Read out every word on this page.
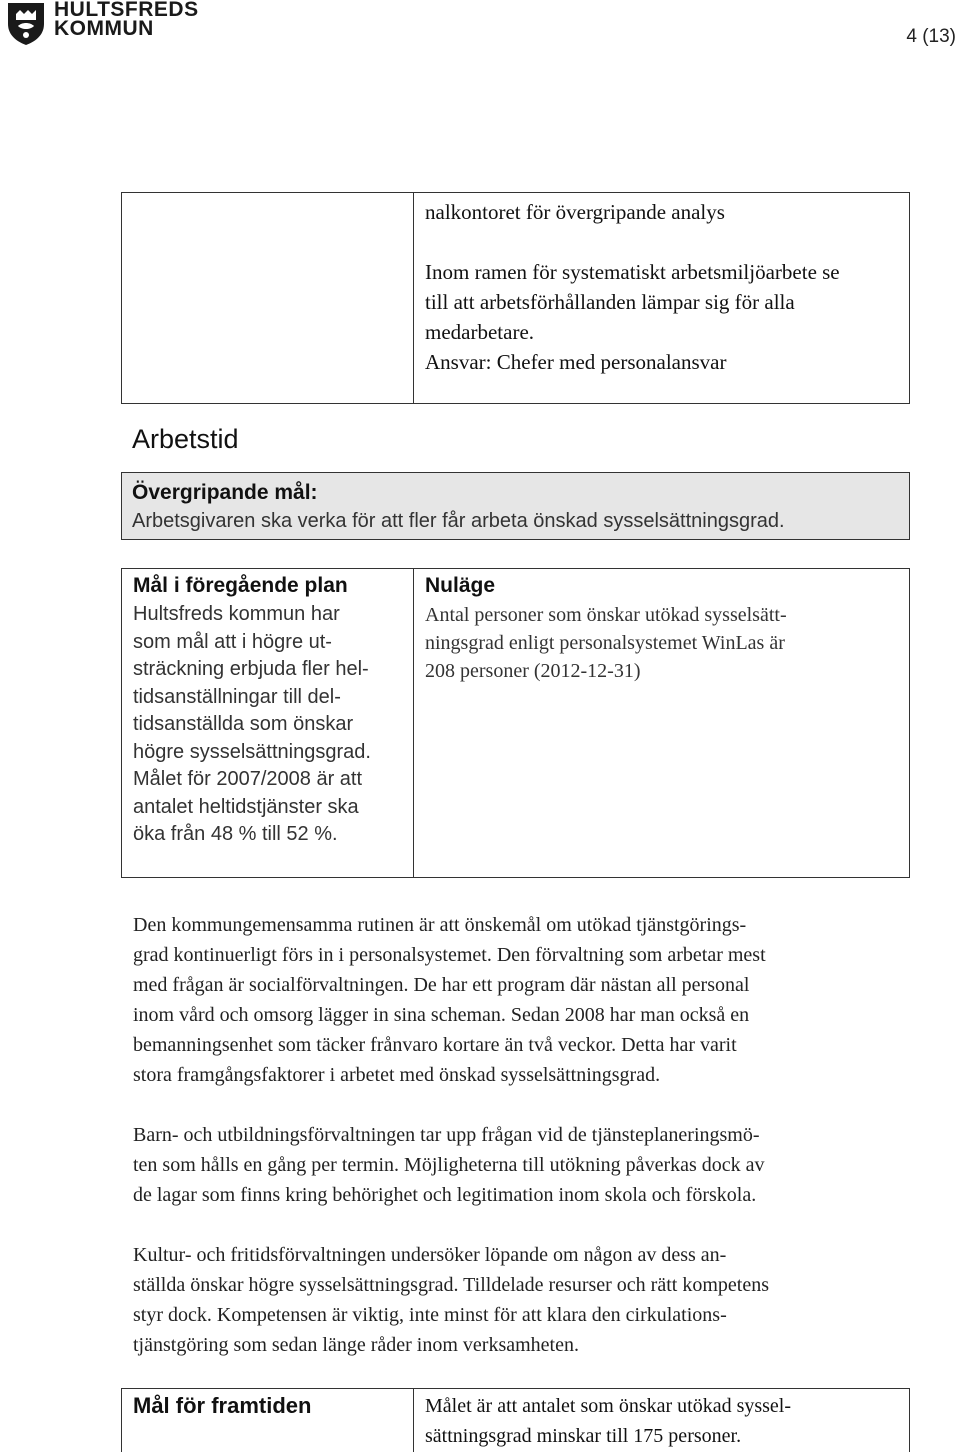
HULTSFREDS
KOMMUN	4 (13)
nalkontoret för övergripande analys
Inom ramen för systematiskt arbetsmiljöarbete se
till att arbetsförhållanden lämpar sig för alla
medarbetare.
Ansvar: Chefer med personalansvar
Arbetstid
Övergripande mål:
Arbetsgivaren ska verka för att fler får arbeta önskad sysselsättningsgrad.
Mål i föregående plan
Hultsfreds kommun har
som mål att i högre ut-
sträckning erbjuda fler hel-
tidsanställningar till del-
tidsanställda som önskar
högre sysselsättningsgrad.
Målet för 2007/2008 är att
antalet heltidstjänster ska
öka från 48 % till 52 %.
Nuläge
Antal personer som önskar utökad sysselsätt-
ningsgrad enligt personalsystemet WinLas är
208 personer (2012-12-31)
Den kommungemensamma rutinen är att önskemål om utökad tjänstgörings-
grad kontinuerligt förs in i personalsystemet. Den förvaltning som arbetar mest
med frågan är socialförvaltningen. De har ett program där nästan all personal
inom vård och omsorg lägger in sina scheman. Sedan 2008 har man också en
bemanningsenhet som täcker frånvaro kortare än två veckor. Detta har varit
stora framgångsfaktorer i arbetet med önskad sysselsättningsgrad.
Barn- och utbildningsförvaltningen tar upp frågan vid de tjänsteplaneringsmö-
ten som hålls en gång per termin. Möjligheterna till utökning påverkas dock av
de lagar som finns kring behörighet och legitimation inom skola och förskola.
Kultur- och fritidsförvaltningen undersöker löpande om någon av dess an-
ställda önskar högre sysselsättningsgrad. Tilldelade resurser och rätt kompetens
styr dock. Kompetensen är viktig, inte minst för att klara den cirkulations-
tjänstgöring som sedan länge råder inom verksamheten.
Mål för framtiden	Målet är att antalet som önskar utökad syssel-
sättningsgrad minskar till 175 personer.
